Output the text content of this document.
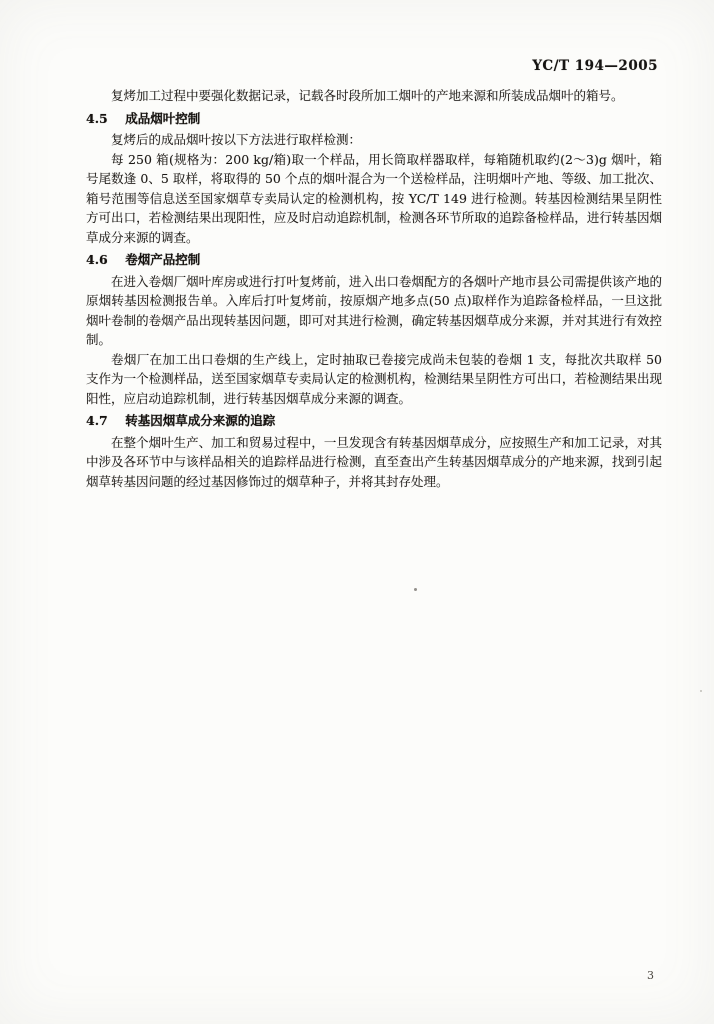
YC/T 194—2005

复烤加工过程中要强化数据记录，记载各时段所加工烟叶的产地来源和所装成品烟叶的箱号。

4.5 成品烟叶控制

复烤后的成品烟叶按以下方法进行取样检测：

每 250 箱(规格为：200 kg/箱)取一个样品，用长筒取样器取样，每箱随机取约(2～3)g 烟叶，箱号尾数逢 0、5 取样，将取得的 50 个点的烟叶混合为一个送检样品，注明烟叶产地、等级、加工批次、箱号范围等信息送至国家烟草专卖局认定的检测机构，按 YC/T 149 进行检测。转基因检测结果呈阴性方可出口，若检测结果出现阳性，应及时启动追踪机制，检测各环节所取的追踪备检样品，进行转基因烟草成分来源的调查。

4.6 卷烟产品控制

在进入卷烟厂烟叶库房或进行打叶复烤前，进入出口卷烟配方的各烟叶产地市县公司需提供该产地的原烟转基因检测报告单。入库后打叶复烤前，按原烟产地多点(50 点)取样作为追踪备检样品，一旦这批烟叶卷制的卷烟产品出现转基因问题，即可对其进行检测，确定转基因烟草成分来源，并对其进行有效控制。

卷烟厂在加工出口卷烟的生产线上，定时抽取已卷接完成尚未包装的卷烟 1 支，每批次共取样 50 支作为一个检测样品，送至国家烟草专卖局认定的检测机构，检测结果呈阴性方可出口，若检测结果出现阳性，应启动追踪机制，进行转基因烟草成分来源的调查。

4.7 转基因烟草成分来源的追踪

在整个烟叶生产、加工和贸易过程中，一旦发现含有转基因烟草成分，应按照生产和加工记录，对其中涉及各环节中与该样品相关的追踪样品进行检测，直至查出产生转基因烟草成分的产地来源，找到引起烟草转基因问题的经过基因修饰过的烟草种子，并将其封存处理。

3
